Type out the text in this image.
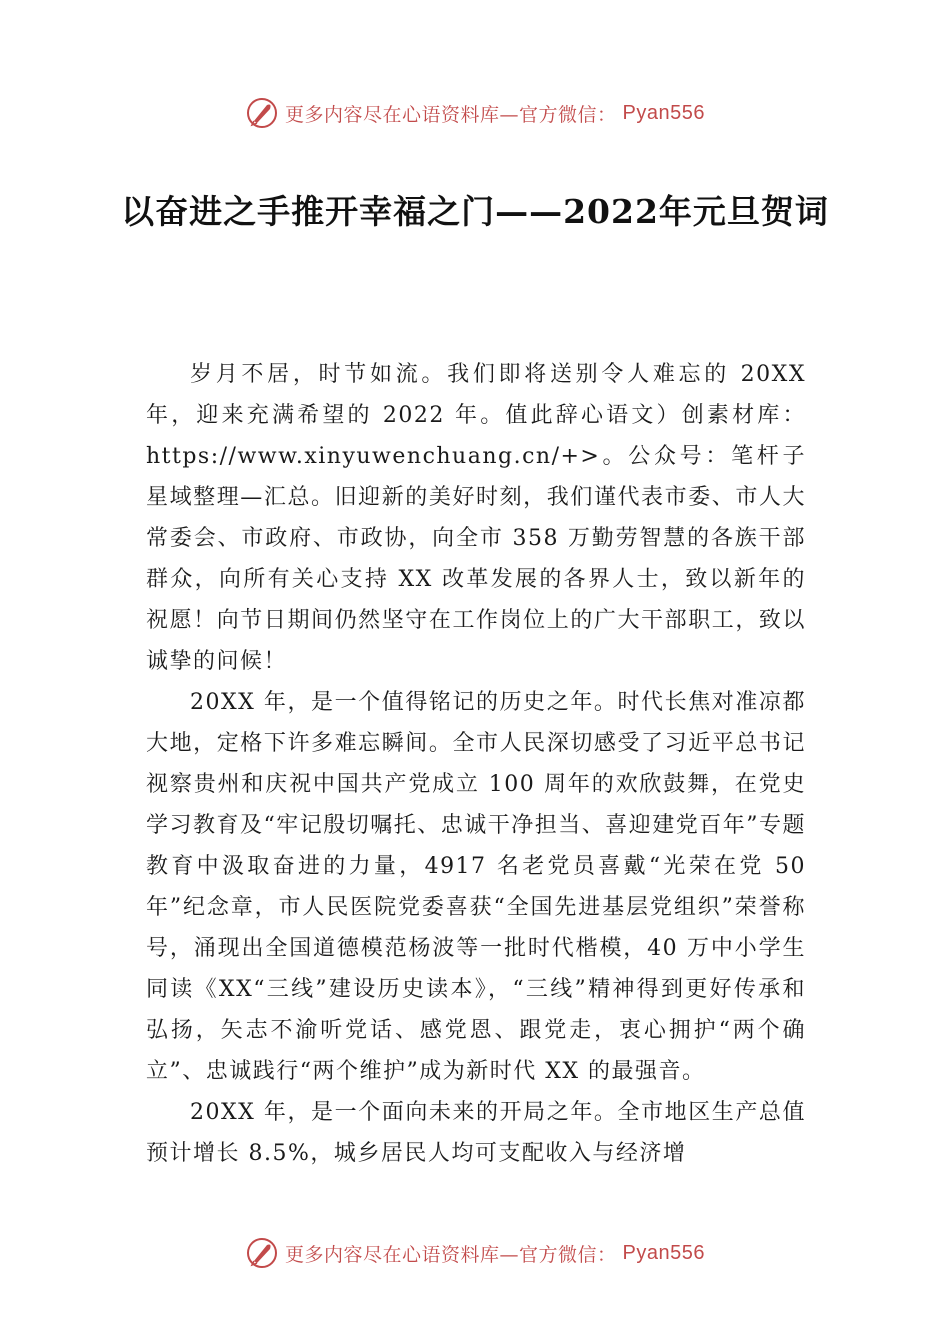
更多内容尽在心语资料库—官方微信： Pyan556
以奋进之手推开幸福之门——2022年元旦贺词

岁月不居，时节如流。我们即将送别令人难忘的 20XX 年，迎来充满希望的 2022 年。值此辞心语文）创素材库：https://www.xinyuwenchuang.cn/+>。公众号：笔杆子星域整理—汇总。旧迎新的美好时刻，我们谨代表市委、市人大常委会、市政府、市政协，向全市 358 万勤劳智慧的各族干部群众，向所有关心支持 XX 改革发展的各界人士，致以新年的祝愿！向节日期间仍然坚守在工作岗位上的广大干部职工，致以诚挚的问候！

20XX 年，是一个值得铭记的历史之年。时代长焦对准凉都大地，定格下许多难忘瞬间。全市人民深切感受了习近平总书记视察贵州和庆祝中国共产党成立 100 周年的欢欣鼓舞，在党史学习教育及“牢记殷切嘱托、忠诚干净担当、喜迎建党百年”专题教育中汲取奋进的力量，4917 名老党员喜戴“光荣在党 50 年”纪念章，市人民医院党委喜获“全国先进基层党组织”荣誉称号，涌现出全国道德模范杨波等一批时代楷模，40 万中小学生同读《XX“三线”建设历史读本》，“三线”精神得到更好传承和弘扬，矢志不渝听党话、感党恩、跟党走，衷心拥护“两个确立”、忠诚践行“两个维护”成为新时代 XX 的最强音。

20XX 年，是一个面向未来的开局之年。全市地区生产总值预计增长 8.5%，城乡居民人均可支配收入与经济增

更多内容尽在心语资料库—官方微信： Pyan556
